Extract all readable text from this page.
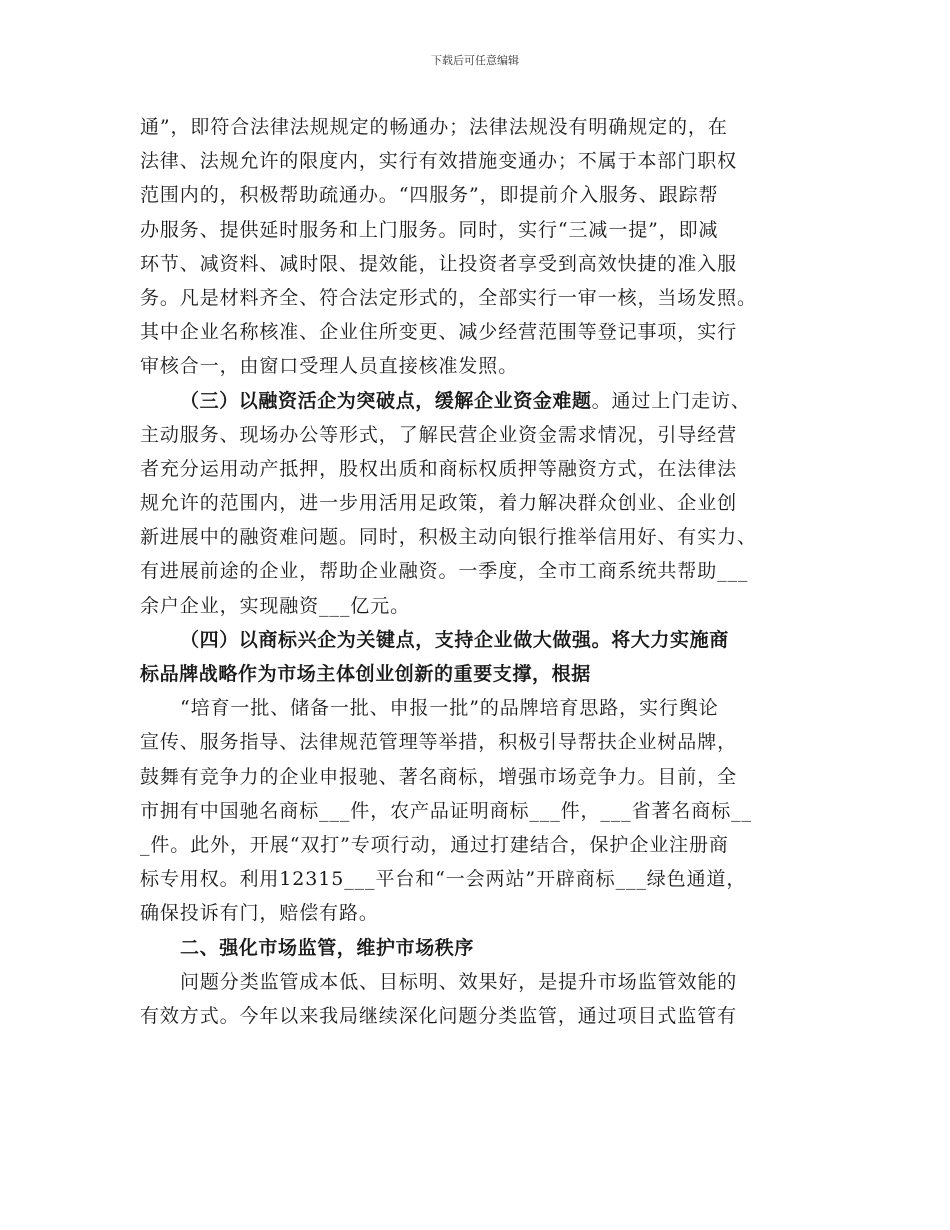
下载后可任意编辑
通”，即符合法律法规规定的畅通办；法律法规没有明确规定的，在
法律、法规允许的限度内，实行有效措施变通办；不属于本部门职权
范围内的，积极帮助疏通办。“四服务”，即提前介入服务、跟踪帮
办服务、提供延时服务和上门服务。同时，实行“三减一提”，即减
环节、减资料、减时限、提效能，让投资者享受到高效快捷的准入服
务。凡是材料齐全、符合法定形式的，全部实行一审一核，当场发照。
其中企业名称核准、企业住所变更、减少经营范围等登记事项，实行
审核合一，由窗口受理人员直接核准发照。
（三）以融资活企为突破点，缓解企业资金难题。通过上门走访、
主动服务、现场办公等形式，了解民营企业资金需求情况，引导经营
者充分运用动产抵押，股权出质和商标权质押等融资方式，在法律法
规允许的范围内，进一步用活用足政策，着力解决群众创业、企业创
新进展中的融资难问题。同时，积极主动向银行推举信用好、有实力、
有进展前途的企业，帮助企业融资。一季度，全市工商系统共帮助___
余户企业，实现融资___亿元。
（四）以商标兴企为关键点，支持企业做大做强。将大力实施商
标品牌战略作为市场主体创业创新的重要支撑，根据
“培育一批、储备一批、申报一批”的品牌培育思路，实行舆论
宣传、服务指导、法律规范管理等举措，积极引导帮扶企业树品牌，
鼓舞有竞争力的企业申报驰、著名商标，增强市场竞争力。目前，全
市拥有中国驰名商标___件，农产品证明商标___件，___省著名商标__
_件。此外，开展“双打”专项行动，通过打建结合，保护企业注册商
标专用权。利用12315___平台和“一会两站”开辟商标___绿色通道，
确保投诉有门，赔偿有路。
二、强化市场监管，维护市场秩序
问题分类监管成本低、目标明、效果好，是提升市场监管效能的
有效方式。今年以来我局继续深化问题分类监管，通过项目式监管有
